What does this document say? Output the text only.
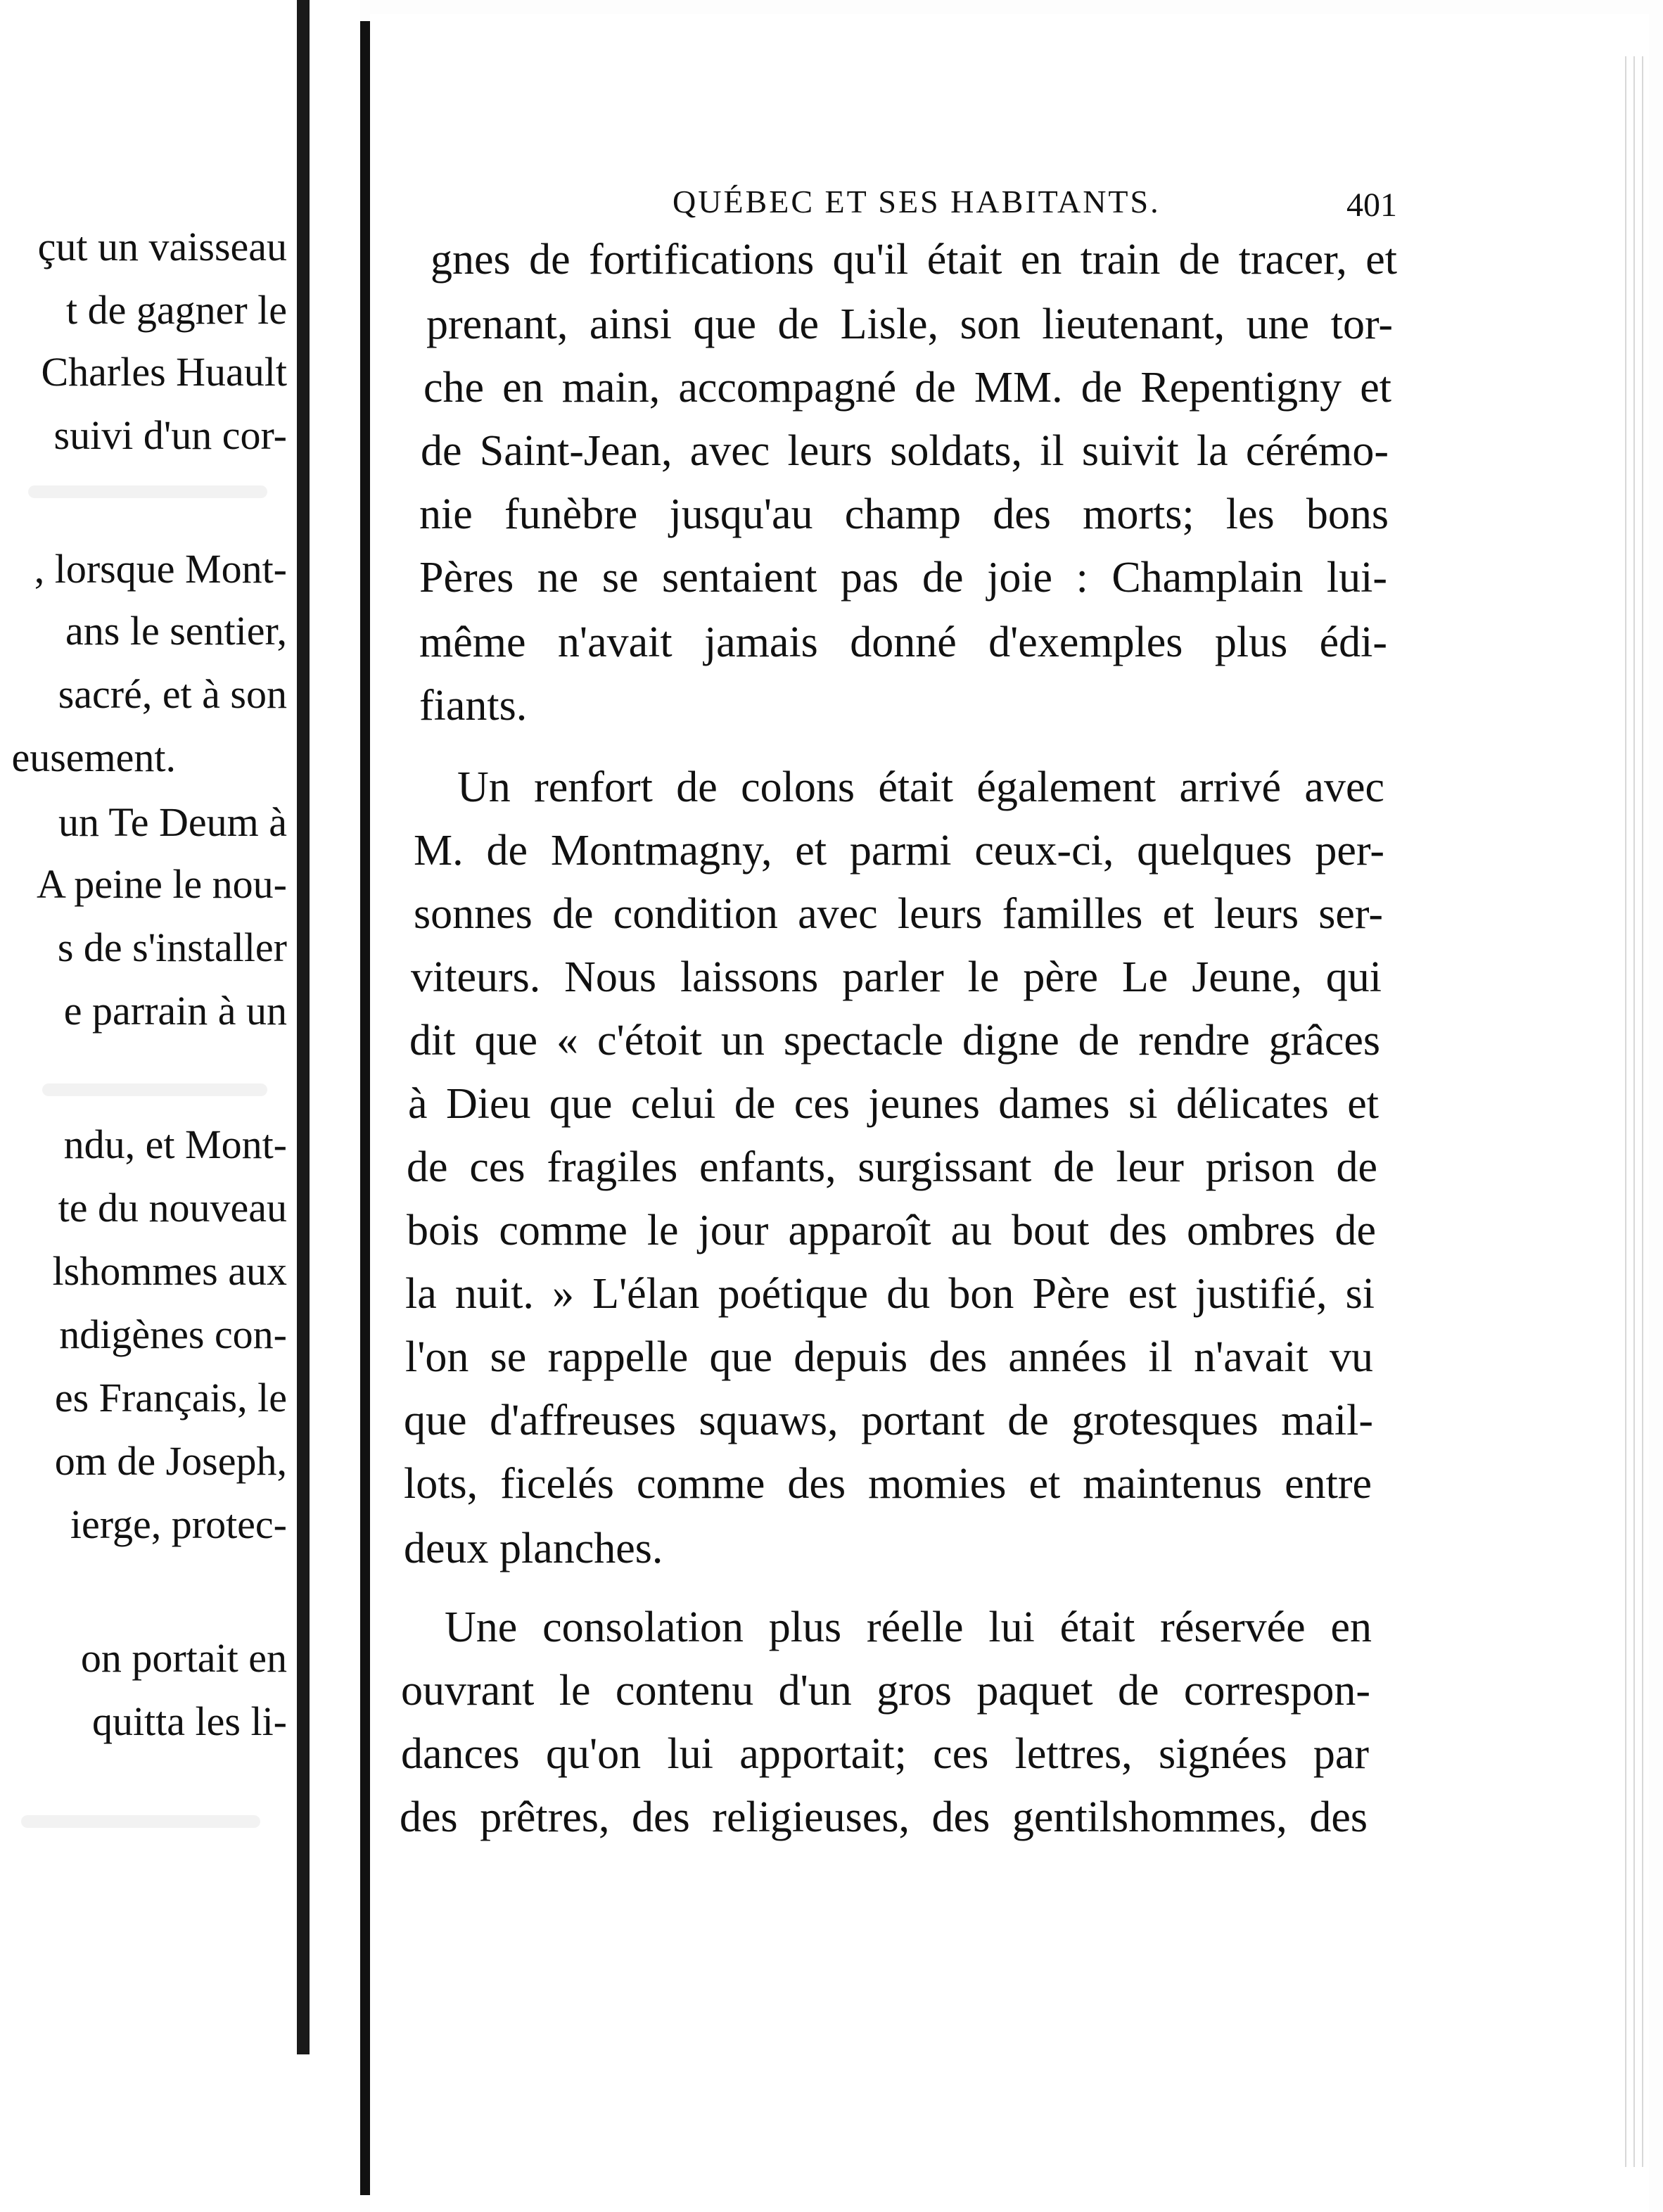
çut un vaisseau
t de gagner le
Charles Huault
suivi d'un cor-
, lorsque Mont-
ans le sentier,
sacré, et à son
eusement.
un Te Deum à
A peine le nou-
s de s'installer
e parrain à un
ndu, et Mont-
te du nouveau
lshommes aux
ndigènes con-
es Français, le
om de Joseph,
ierge, protec-
on portait en
quitta les li-
QUÉBEC ET SES HABITANTS.	401
gnes de fortifications qu'il était en train de tracer, et
prenant, ainsi que de Lisle, son lieutenant, une tor-
che en main, accompagné de MM. de Repentigny et
de Saint-Jean, avec leurs soldats, il suivit la cérémo-
nie funèbre jusqu'au champ des morts; les bons
Pères ne se sentaient pas de joie : Champlain lui-
même n'avait jamais donné d'exemples plus édi-
fiants.
Un renfort de colons était également arrivé avec
M. de Montmagny, et parmi ceux-ci, quelques per-
sonnes de condition avec leurs familles et leurs ser-
viteurs. Nous laissons parler le père Le Jeune, qui
dit que « c'étoit un spectacle digne de rendre grâces
à Dieu que celui de ces jeunes dames si délicates et
de ces fragiles enfants, surgissant de leur prison de
bois comme le jour apparoît au bout des ombres de
la nuit. » L'élan poétique du bon Père est justifié, si
l'on se rappelle que depuis des années il n'avait vu
que d'affreuses squaws, portant de grotesques mail-
lots, ficelés comme des momies et maintenus entre
deux planches.
Une consolation plus réelle lui était réservée en
ouvrant le contenu d'un gros paquet de correspon-
dances qu'on lui apportait; ces lettres, signées par
des prêtres, des religieuses, des gentilshommes, des
